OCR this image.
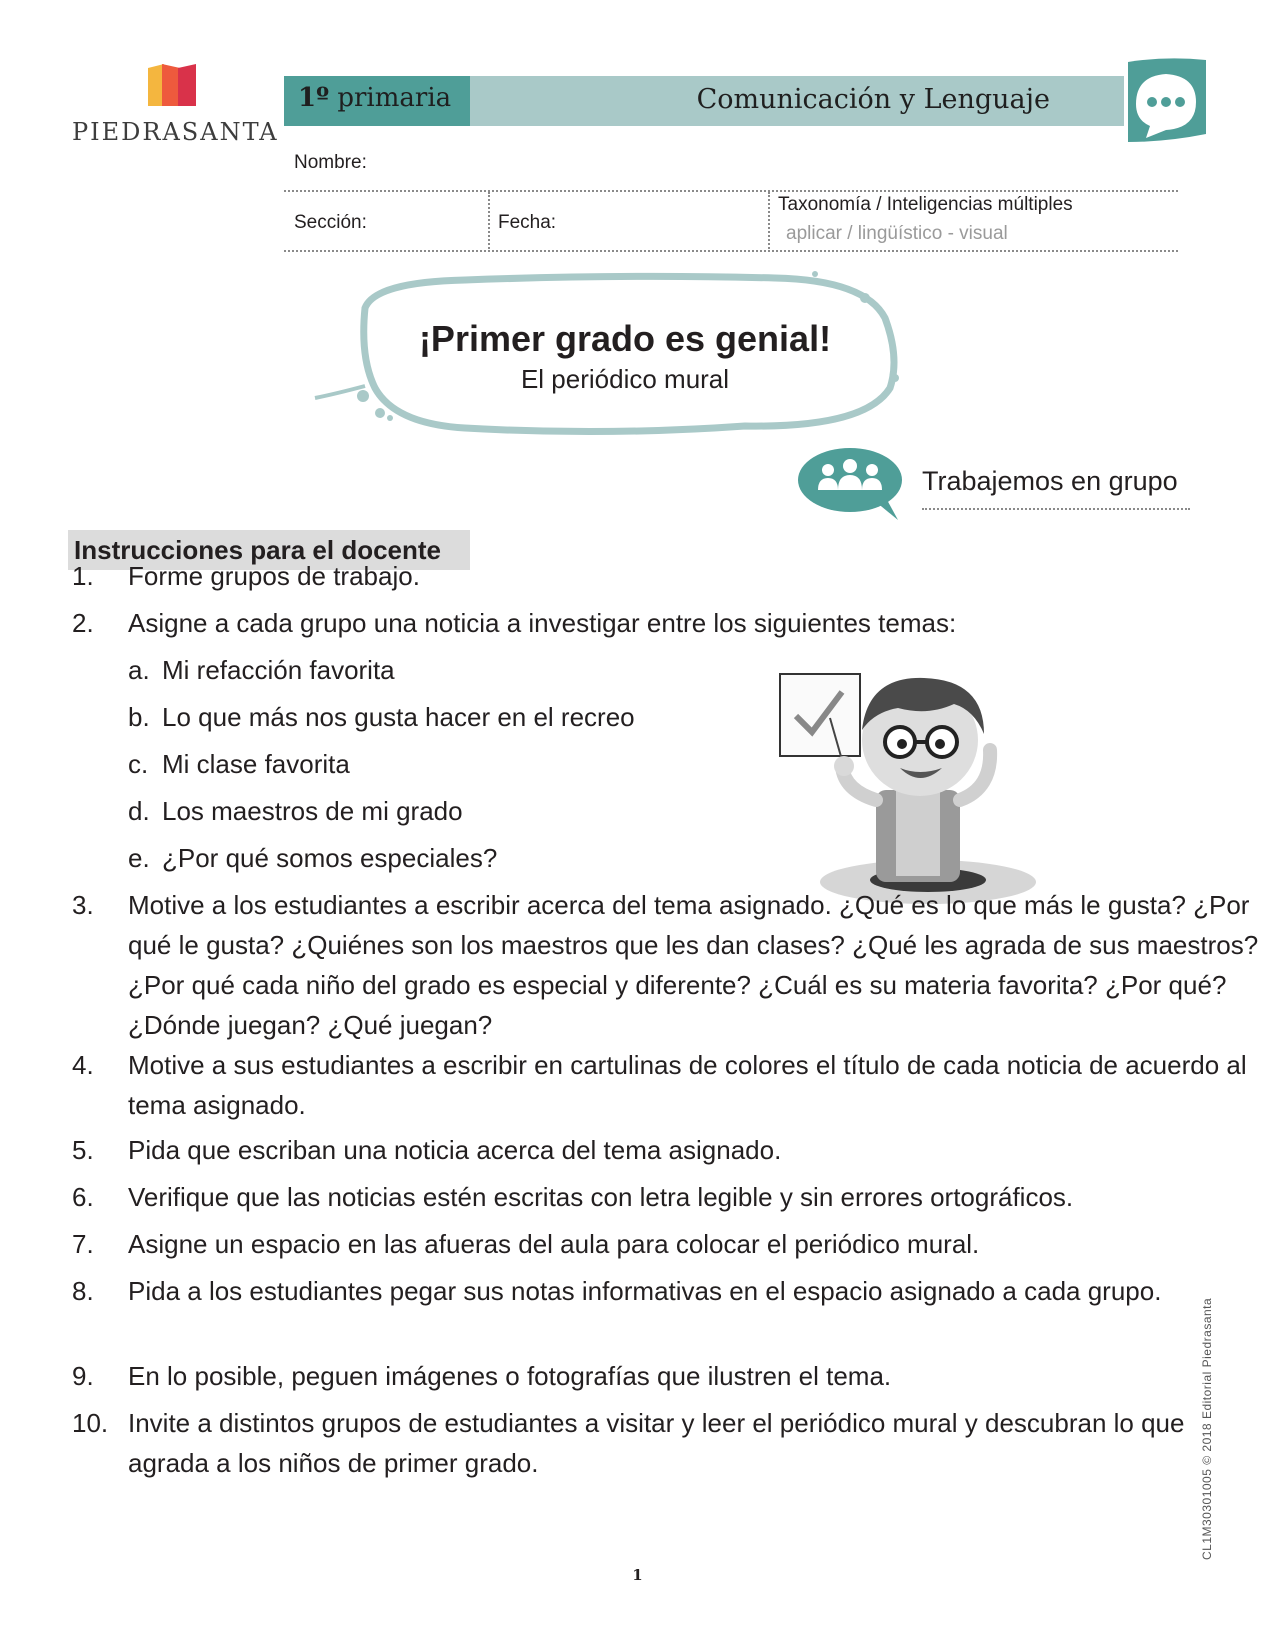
PIEDRASANTA
1º primaria	Comunicación y Lenguaje
Nombre:
Sección:	Fecha:
Taxonomía / Inteligencias múltiples
aplicar / lingüístico - visual
¡Primer grado es genial!
El periódico mural
Trabajemos en grupo
Instrucciones para el docente
1.	Forme grupos de trabajo.
2.	Asigne a cada grupo una noticia a investigar entre los siguientes temas:
a. Mi refacción favorita
b. Lo que más nos gusta hacer en el recreo
c. Mi clase favorita
d. Los maestros de mi grado
e. ¿Por qué somos especiales?
3.	Motive a los estudiantes a escribir acerca del tema asignado. ¿Qué es lo que más le gusta? ¿Por qué le gusta? ¿Quiénes son los maestros que les dan clases? ¿Qué les agrada de sus maestros? ¿Por qué cada niño del grado es especial y diferente? ¿Cuál es su materia favorita? ¿Por qué? ¿Dónde juegan? ¿Qué juegan?
4.	Motive a sus estudiantes a escribir en cartulinas de colores el título de cada noticia de acuerdo al tema asignado.
5.	Pida que escriban una noticia acerca del tema asignado.
6.	Verifique que las noticias estén escritas con letra legible y sin errores ortográficos.
7.	Asigne un espacio en las afueras del aula para colocar el periódico mural.
8.	Pida a los estudiantes pegar sus notas informativas en el espacio asignado a cada grupo.
9.	En lo posible, peguen imágenes o fotografías que ilustren el tema.
10. Invite a distintos grupos de estudiantes a visitar y leer el periódico mural y descubran lo que agrada a los niños de primer grado.
1
CL1M30301005 © 2018 Editorial Piedrasanta
